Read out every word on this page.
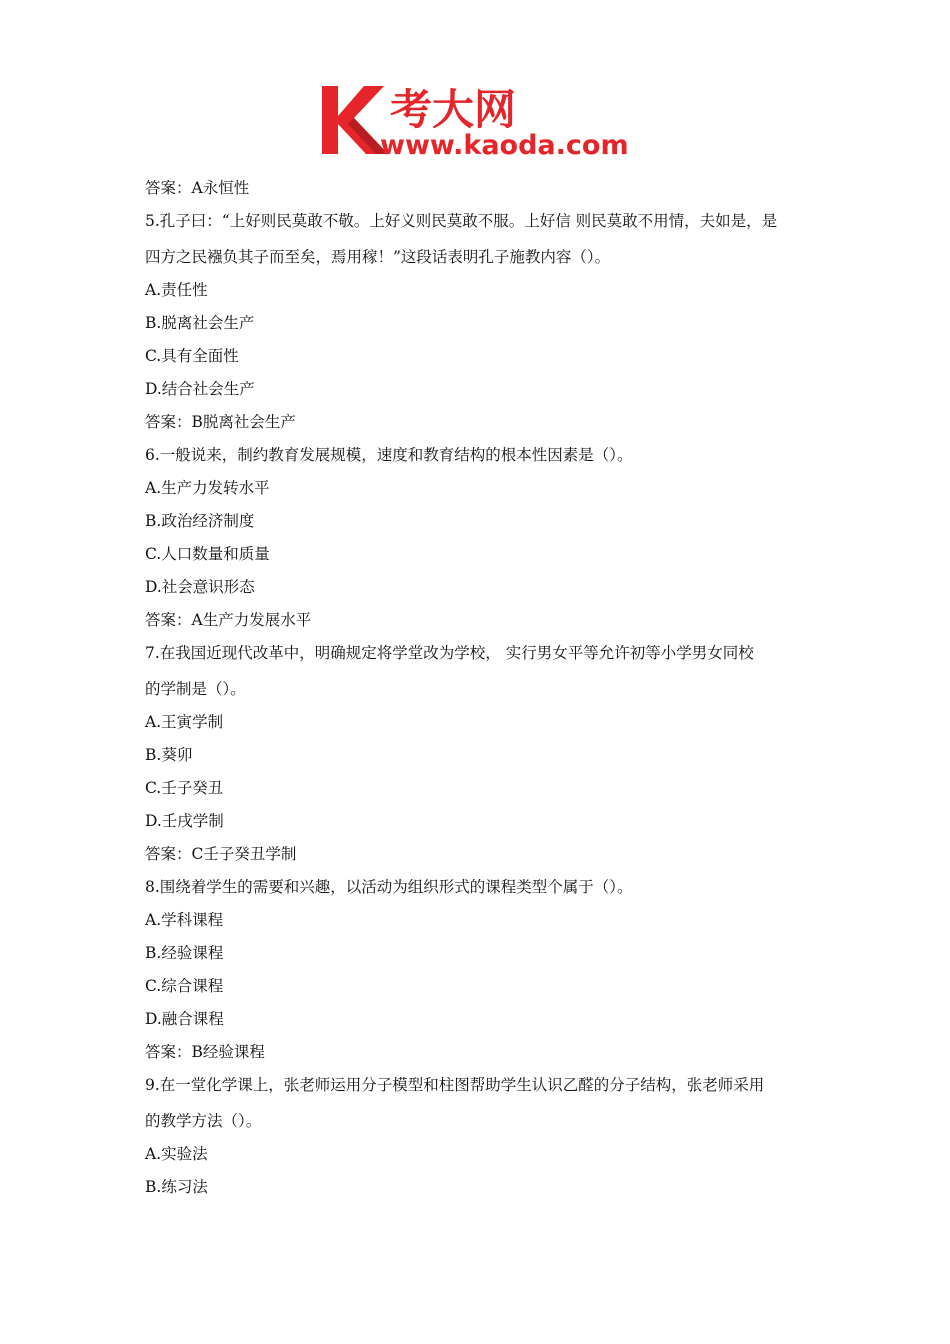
考大网
www.kaoda.com
答案：A永恒性
5.孔子曰：“上好则民莫敢不敬。上好义则民莫敢不服。上好信 则民莫敢不用情，夫如是，是
四方之民襁负其子而至矣，焉用稼！”这段话表明孔子施教内容（）。
A.责任性
B.脱离社会生产
C.具有全面性
D.结合社会生产
答案：B脱离社会生产
6.一般说来，制约教育发展规模，速度和教育结构的根本性因素是（）。
A.生产力发转水平
B.政治经济制度
C.人口数量和质量
D.社会意识形态
答案：A生产力发展水平
7.在我国近现代改革中，明确规定将学堂改为学校， 实行男女平等允许初等小学男女同校
的学制是（）。
A.王寅学制
B.葵卯
C.壬子癸丑
D.壬戌学制
答案：C壬子癸丑学制
8.围绕着学生的需要和兴趣，以活动为组织形式的课程类型个属于（）。
A.学科课程
B.经验课程
C.综合课程
D.融合课程
答案：B经验课程
9.在一堂化学课上，张老师运用分子模型和柱图帮助学生认识乙醛的分子结构，张老师采用
的教学方法（）。
A.实验法
B.练习法
